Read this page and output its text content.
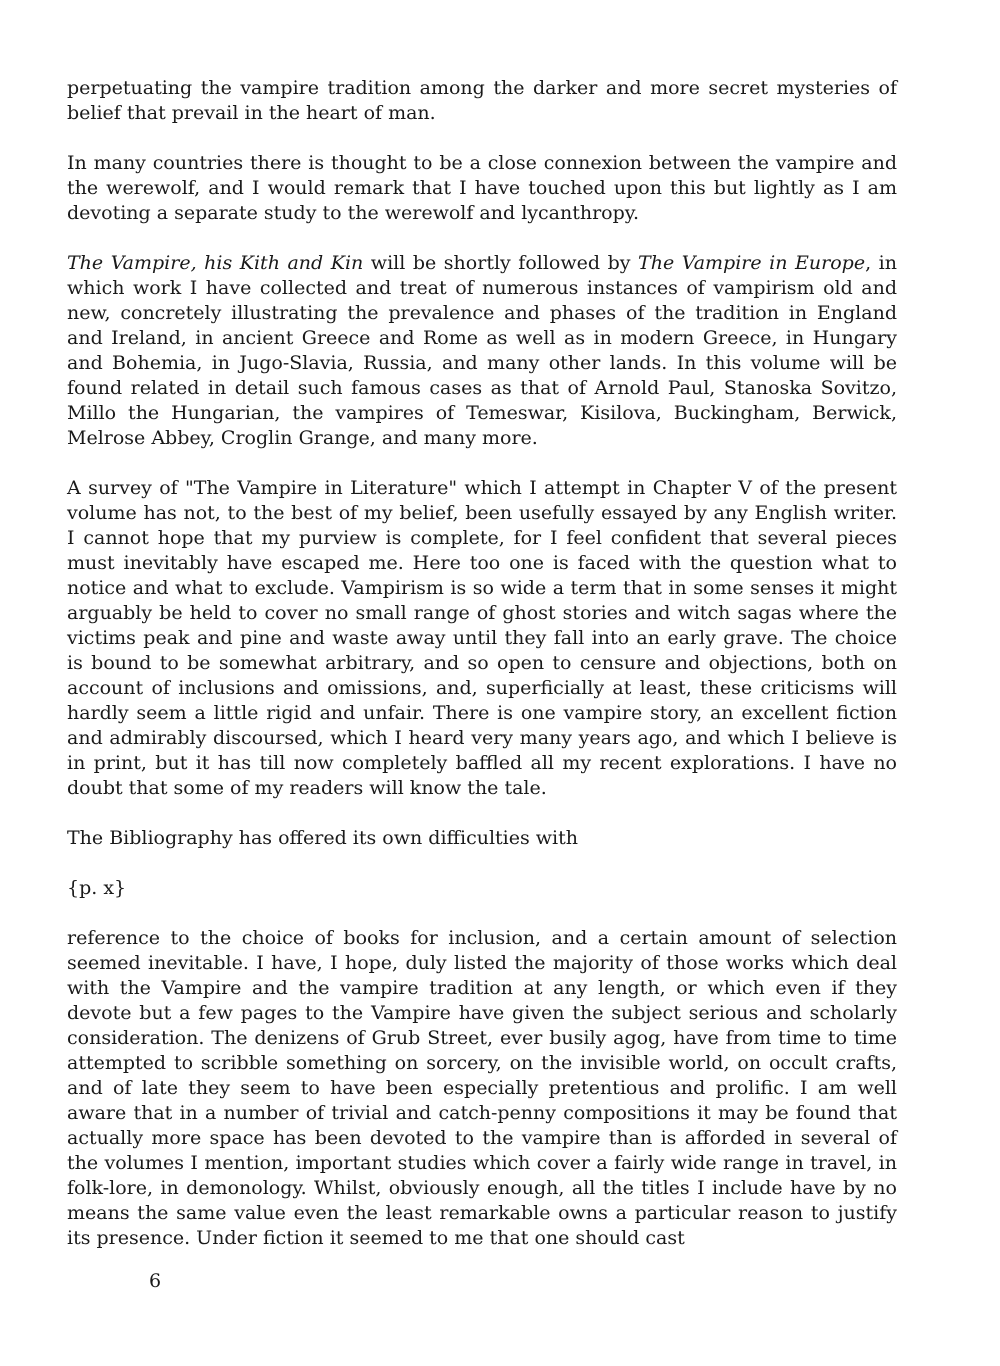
perpetuating the vampire tradition among the darker and more secret mysteries of belief that prevail in the heart of man.

In many countries there is thought to be a close connexion between the vampire and the werewolf, and I would remark that I have touched upon this but lightly as I am devoting a separate study to the werewolf and lycanthropy.

The Vampire, his Kith and Kin will be shortly followed by The Vampire in Europe, in which work I have collected and treat of numerous instances of vampirism old and new, concretely illustrating the prevalence and phases of the tradition in England and Ireland, in ancient Greece and Rome as well as in modern Greece, in Hungary and Bohemia, in Jugo-Slavia, Russia, and many other lands. In this volume will be found related in detail such famous cases as that of Arnold Paul, Stanoska Sovitzo, Millo the Hungarian, the vampires of Temeswar, Kisilova, Buckingham, Berwick, Melrose Abbey, Croglin Grange, and many more.

A survey of "The Vampire in Literature" which I attempt in Chapter V of the present volume has not, to the best of my belief, been usefully essayed by any English writer. I cannot hope that my purview is complete, for I feel confident that several pieces must inevitably have escaped me. Here too one is faced with the question what to notice and what to exclude. Vampirism is so wide a term that in some senses it might arguably be held to cover no small range of ghost stories and witch sagas where the victims peak and pine and waste away until they fall into an early grave. The choice is bound to be somewhat arbitrary, and so open to censure and objections, both on account of inclusions and omissions, and, superficially at least, these criticisms will hardly seem a little rigid and unfair. There is one vampire story, an excellent fiction and admirably discoursed, which I heard very many years ago, and which I believe is in print, but it has till now completely baffled all my recent explorations. I have no doubt that some of my readers will know the tale.

The Bibliography has offered its own difficulties with

{p. x}

reference to the choice of books for inclusion, and a certain amount of selection seemed inevitable. I have, I hope, duly listed the majority of those works which deal with the Vampire and the vampire tradition at any length, or which even if they devote but a few pages to the Vampire have given the subject serious and scholarly consideration. The denizens of Grub Street, ever busily agog, have from time to time attempted to scribble something on sorcery, on the invisible world, on occult crafts, and of late they seem to have been especially pretentious and prolific. I am well aware that in a number of trivial and catch-penny compositions it may be found that actually more space has been devoted to the vampire than is afforded in several of the volumes I mention, important studies which cover a fairly wide range in travel, in folk-lore, in demonology. Whilst, obviously enough, all the titles I include have by no means the same value even the least remarkable owns a particular reason to justify its presence. Under fiction it seemed to me that one should cast

6
